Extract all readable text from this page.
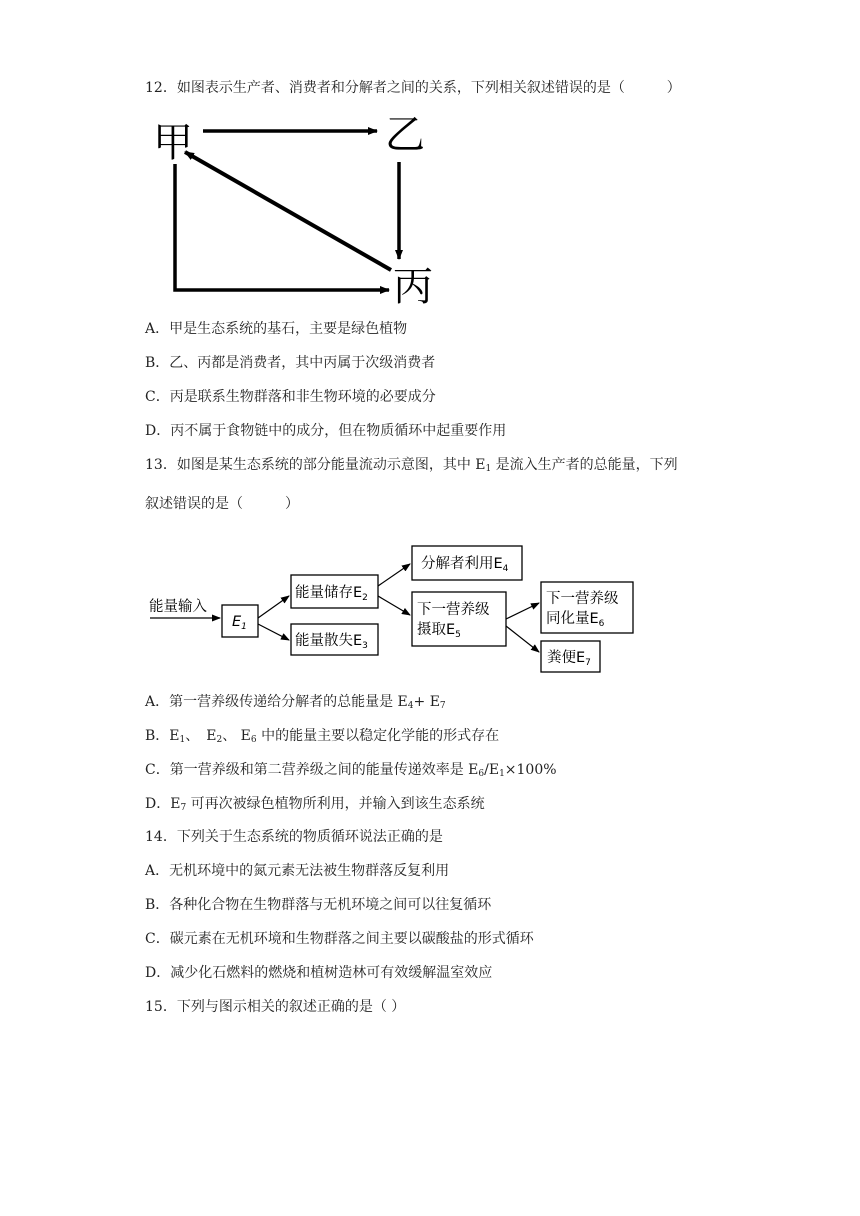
12．如图表示生产者、消费者和分解者之间的关系，下列相关叙述错误的是（　　　）
甲	乙
丙
A．甲是生态系统的基石，主要是绿色植物
B．乙、丙都是消费者，其中丙属于次级消费者
C．丙是联系生物群落和非生物环境的必要成分
D．丙不属于食物链中的成分，但在物质循环中起重要作用
13．如图是某生态系统的部分能量流动示意图，其中 $E_1$ 是流入生产者的总能量，下列
叙述错误的是（　　　）
能量输入
$E_1$
能量储存$E_2$
能量散失$E_3$
分解者利用$E_4$
下一营养级
摄取$E_5$
下一营养级
同化量$E_6$
粪便$E_7$
A．第一营养级传递给分解者的总能量是 $E_4+ E_7$
B．$E_1$、　$E_2$、 $E_6$ 中的能量主要以稳定化学能的形式存在
C．第一营养级和第二营养级之间的能量传递效率是 $E_6/E_1\times 100\%$
D．$E_7$ 可再次被绿色植物所利用，并输入到该生态系统
14．下列关于生态系统的物质循环说法正确的是
A．无机环境中的氮元素无法被生物群落反复利用
B．各种化合物在生物群落与无机环境之间可以往复循环
C．碳元素在无机环境和生物群落之间主要以碳酸盐的形式循环
D．减少化石燃料的燃烧和植树造林可有效缓解温室效应
15．下列与图示相关的叙述正确的是（ ）
